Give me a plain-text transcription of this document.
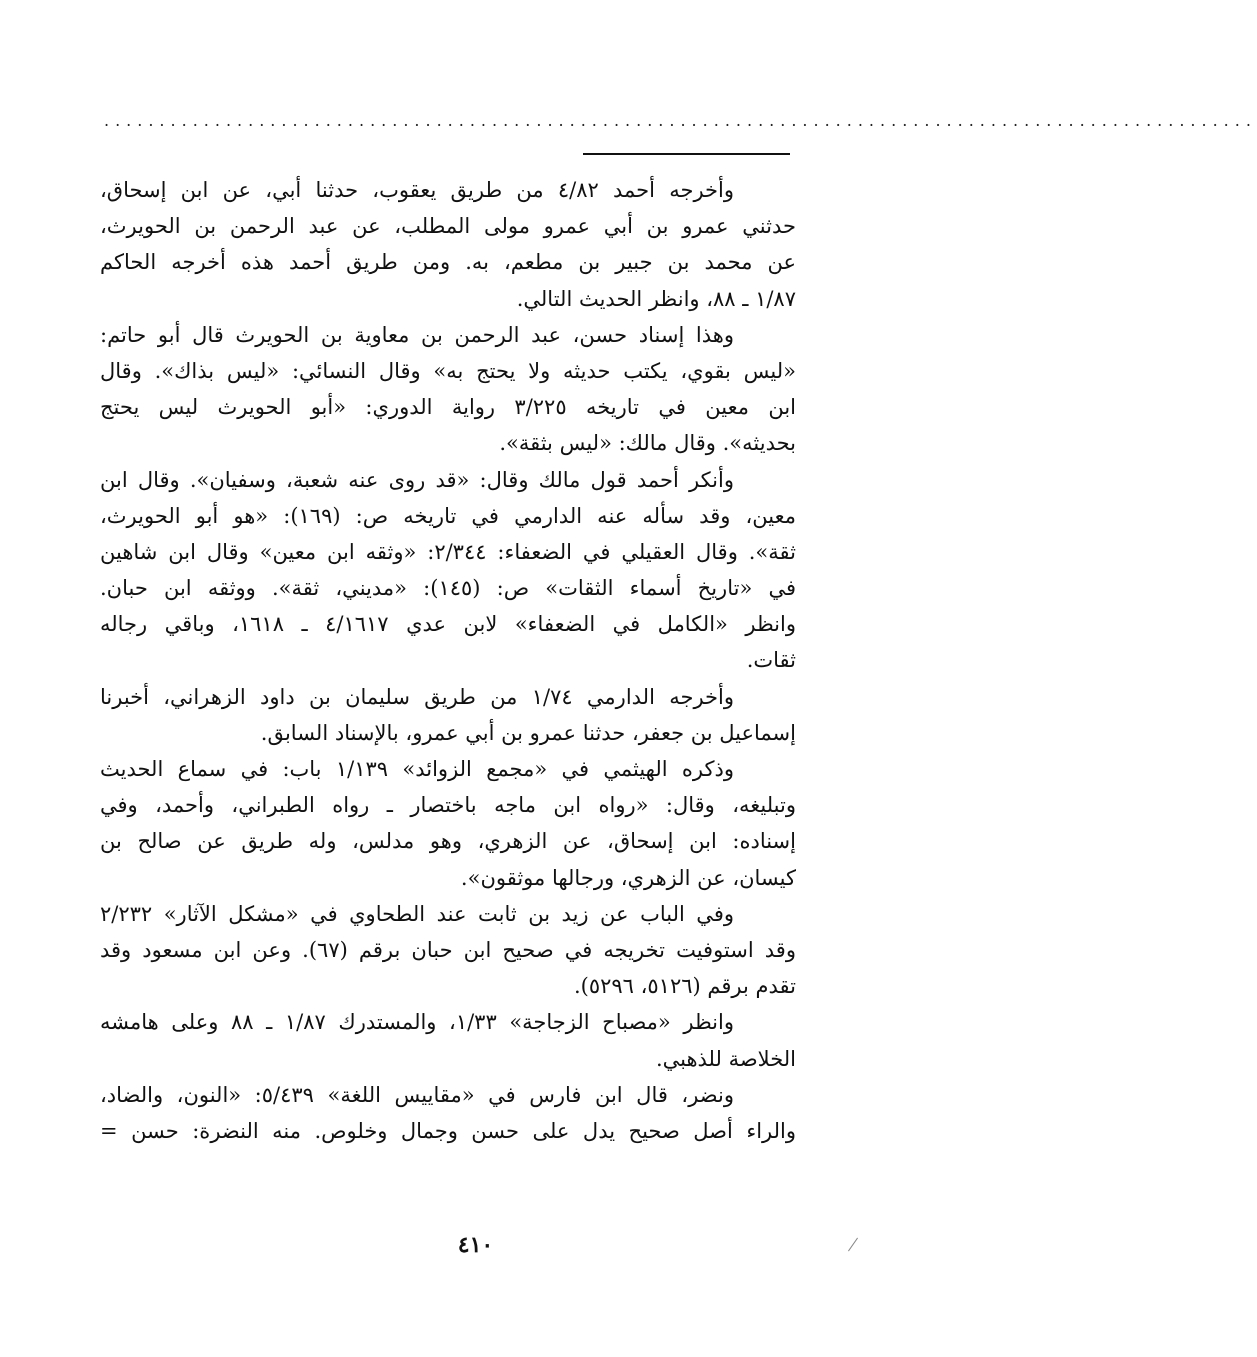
........................................................................................................
وأخرجه أحمد ٤/٨٢ من طريق يعقوب، حدثنا أبي، عن ابن إسحاق،
حدثني عمرو بن أبي عمرو مولى المطلب، عن عبد الرحمن بن الحويرث،
عن محمد بن جبير بن مطعم، به. ومن طريق أحمد هذه أخرجه الحاكم
١/٨٧ ـ ٨٨، وانظر الحديث التالي.
وهذا إسناد حسن، عبد الرحمن بن معاوية بن الحويرث قال أبو حاتم:
«ليس بقوي، يكتب حديثه ولا يحتج به» وقال النسائي: «ليس بذاك». وقال
ابن معين في تاريخه ٣/٢٢٥ رواية الدوري: «أبو الحويرث ليس يحتج
بحديثه». وقال مالك: «ليس بثقة».
وأنكر أحمد قول مالك وقال: «قد روى عنه شعبة، وسفيان». وقال ابن
معين، وقد سأله عنه الدارمي في تاريخه ص: (١٦٩): «هو أبو الحويرث،
ثقة». وقال العقيلي في الضعفاء: ٢/٣٤٤: «وثقه ابن معين» وقال ابن شاهين
في «تاريخ أسماء الثقات» ص: (١٤٥): «مديني، ثقة». ووثقه ابن حبان.
وانظر «الكامل في الضعفاء» لابن عدي ٤/١٦١٧ ـ ١٦١٨، وباقي رجاله
ثقات.
وأخرجه الدارمي ١/٧٤ من طريق سليمان بن داود الزهراني، أخبرنا
إسماعيل بن جعفر، حدثنا عمرو بن أبي عمرو، بالإسناد السابق.
وذكره الهيثمي في «مجمع الزوائد» ١/١٣٩ باب: في سماع الحديث
وتبليغه، وقال: «رواه ابن ماجه باختصار ـ رواه الطبراني، وأحمد، وفي
إسناده: ابن إسحاق، عن الزهري، وهو مدلس، وله طريق عن صالح بن
كيسان، عن الزهري، ورجالها موثقون».
وفي الباب عن زيد بن ثابت عند الطحاوي في «مشكل الآثار» ٢/٢٣٢
وقد استوفيت تخريجه في صحيح ابن حبان برقم (٦٧). وعن ابن مسعود وقد
تقدم برقم (٥١٢٦، ٥٢٩٦).
وانظر «مصباح الزجاجة» ١/٣٣، والمستدرك ١/٨٧ ـ ٨٨ وعلى هامشه
الخلاصة للذهبي.
ونضر، قال ابن فارس في «مقاييس اللغة» ٥/٤٣٩: «النون، والضاد،
والراء أصل صحيح يدل على حسن وجمال وخلوص. منه النضرة: حسن =
٤١٠
